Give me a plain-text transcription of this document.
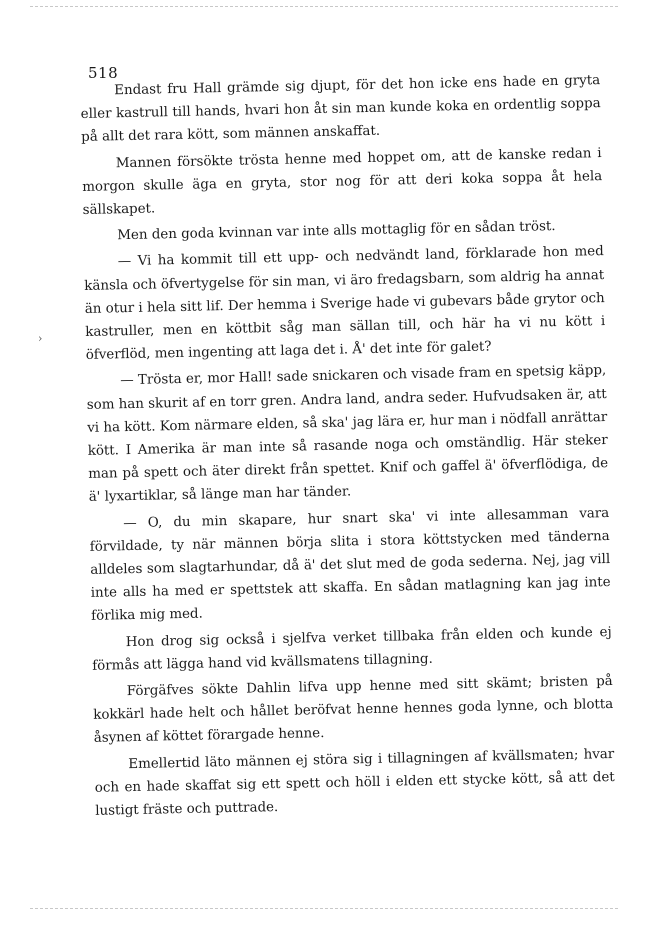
518
›

Endast fru Hall grämde sig djupt, för det hon icke ens hade en gryta eller kastrull till hands, hvari hon åt sin man kunde koka en ordentlig soppa på allt det rara kött, som männen anskaffat.

Mannen försökte trösta henne med hoppet om, att de kanske redan i morgon skulle äga en gryta, stor nog för att deri koka soppa åt hela sällskapet.

Men den goda kvinnan var inte alls mottaglig för en sådan tröst.

— Vi ha kommit till ett upp- och nedvändt land, förklarade hon med känsla och öfvertygelse för sin man, vi äro fredagsbarn, som aldrig ha annat än otur i hela sitt lif. Der hemma i Sverige hade vi gubevars både grytor och kastruller, men en köttbit såg man sällan till, och här ha vi nu kött i öfverflöd, men ingenting att laga det i. Å' det inte för galet?

— Trösta er, mor Hall! sade snickaren och visade fram en spetsig käpp, som han skurit af en torr gren. Andra land, andra seder. Hufvudsaken är, att vi ha kött. Kom närmare elden, så ska' jag lära er, hur man i nödfall anrättar kött. I Amerika är man inte så rasande noga och omständlig. Här steker man på spett och äter direkt från spettet. Knif och gaffel ä' öfverflödiga, de ä' lyxartiklar, så länge man har tänder.

— O, du min skapare, hur snart ska' vi inte allesamman vara förvildade, ty när männen börja slita i stora köttstycken med tänderna alldeles som slagtarhundar, då ä' det slut med de goda sederna. Nej, jag vill inte alls ha med er spettstek att skaffa. En sådan matlagning kan jag inte förlika mig med.

Hon drog sig också i sjelfva verket tillbaka från elden och kunde ej förmås att lägga hand vid kvällsmatens tillagning.

Förgäfves sökte Dahlin lifva upp henne med sitt skämt; bristen på kokkärl hade helt och hållet beröfvat henne hennes goda lynne, och blotta åsynen af köttet förargade henne.

Emellertid läto männen ej störa sig i tillagningen af kvällsmaten; hvar och en hade skaffat sig ett spett och höll i elden ett stycke kött, så att det lustigt fräste och puttrade.
